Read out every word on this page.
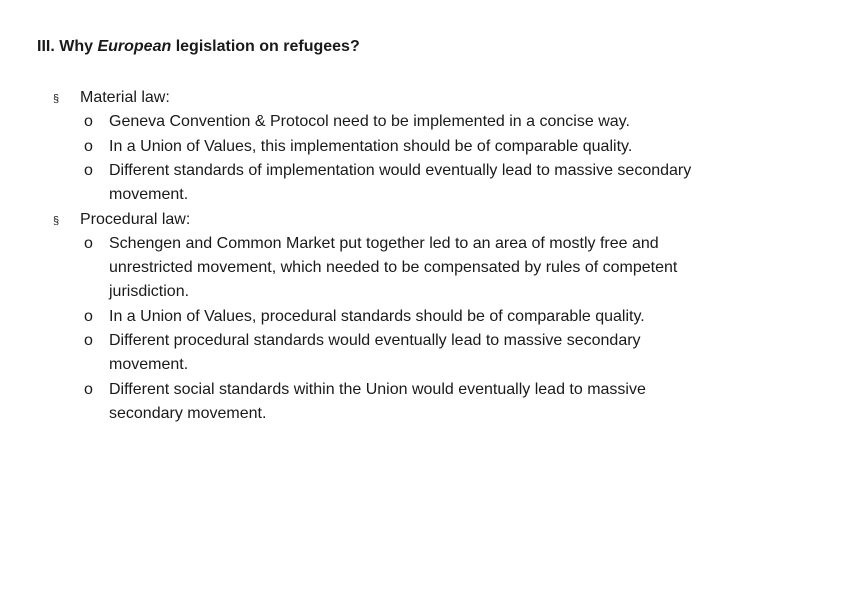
III. Why European legislation on refugees?
§ Material law:
o Geneva Convention & Protocol need to be implemented in a concise way.
o In a Union of Values, this implementation should be of comparable quality.
o Different standards of implementation would eventually lead to massive secondary
movement.
§ Procedural law:
o Schengen and Common Market put together led to an area of mostly free and
unrestricted movement, which needed to be compensated by rules of competent
jurisdiction.
o In a Union of Values, procedural standards should be of comparable quality.
o Different procedural standards would eventually lead to massive secondary
movement.
o Different social standards within the Union would eventually lead to massive
secondary movement.
